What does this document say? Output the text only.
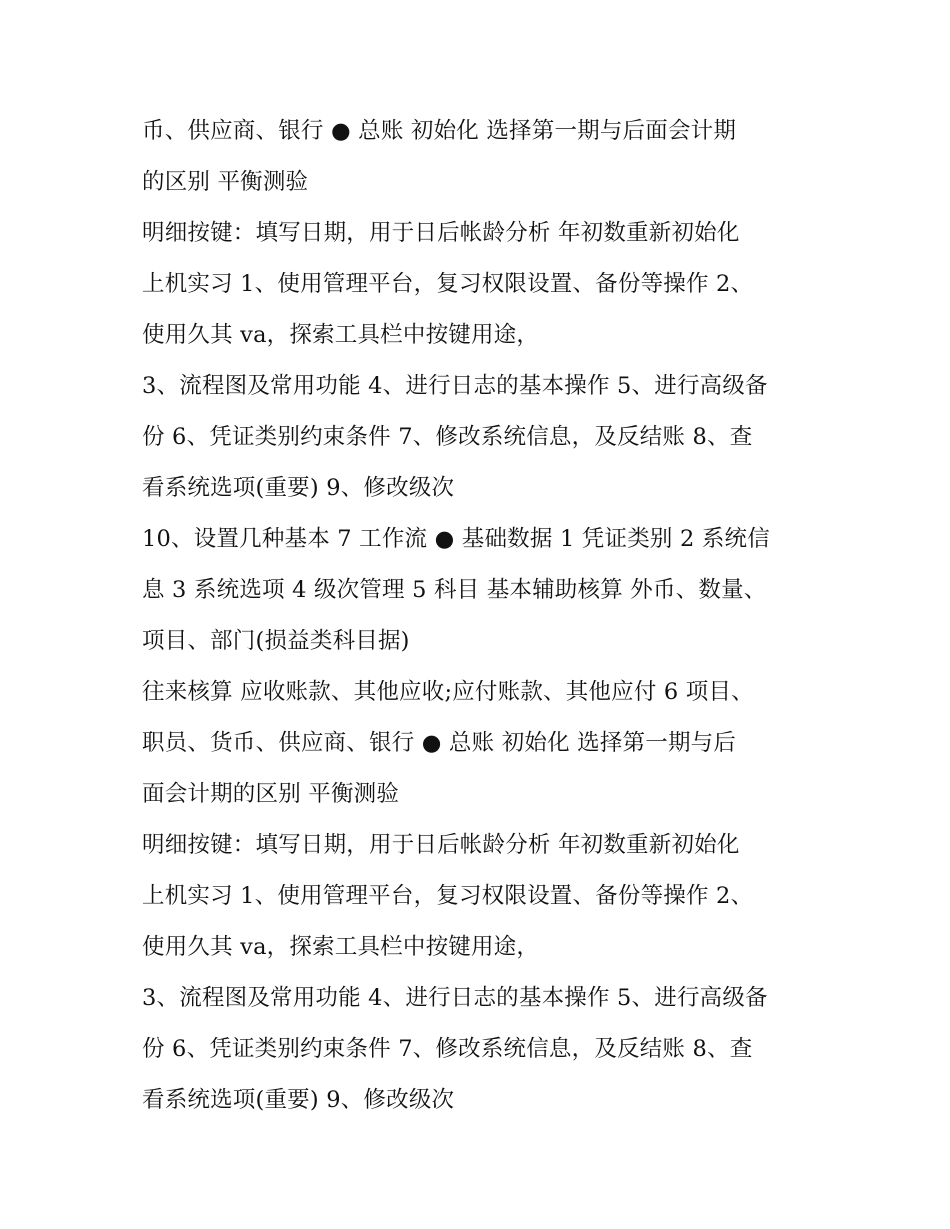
币、供应商、银行 ● 总账 初始化 选择第一期与后面会计期
的区别 平衡测验
明细按键：填写日期，用于日后帐龄分析 年初数重新初始化
上机实习 1、使用管理平台，复习权限设置、备份等操作 2、
使用久其 va，探索工具栏中按键用途，
3、流程图及常用功能 4、进行日志的基本操作 5、进行高级备
份 6、凭证类别约束条件 7、修改系统信息，及反结账 8、查
看系统选项(重要) 9、修改级次
10、设置几种基本 7 工作流 ● 基础数据 1 凭证类别 2 系统信
息 3 系统选项 4 级次管理 5 科目 基本辅助核算 外币、数量、
项目、部门(损益类科目据)
往来核算 应收账款、其他应收;应付账款、其他应付 6 项目、
职员、货币、供应商、银行 ● 总账 初始化 选择第一期与后
面会计期的区别 平衡测验
明细按键：填写日期，用于日后帐龄分析 年初数重新初始化
上机实习 1、使用管理平台，复习权限设置、备份等操作 2、
使用久其 va，探索工具栏中按键用途，
3、流程图及常用功能 4、进行日志的基本操作 5、进行高级备
份 6、凭证类别约束条件 7、修改系统信息，及反结账 8、查
看系统选项(重要) 9、修改级次
